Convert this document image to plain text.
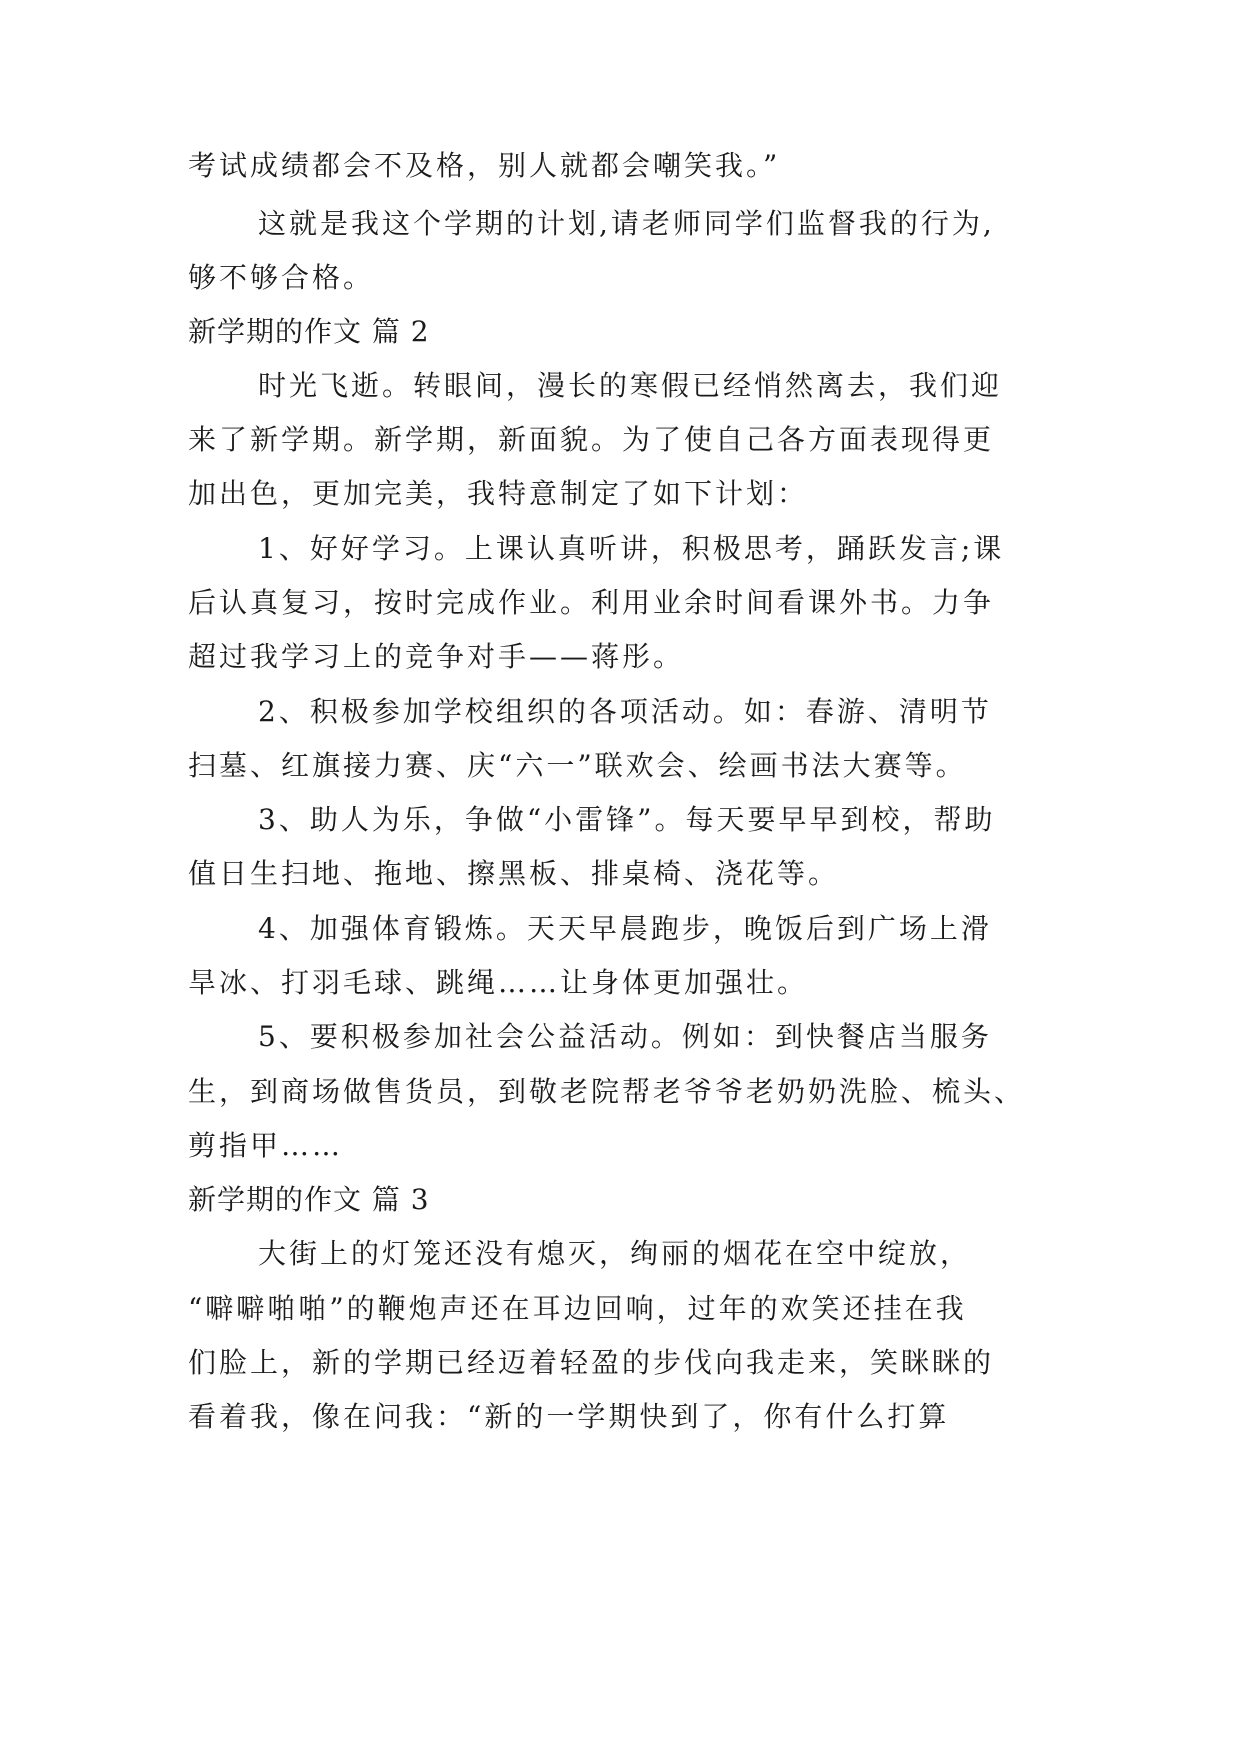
考试成绩都会不及格，别人就都会嘲笑我。”
这就是我这个学期的计划,请老师同学们监督我的行为,
够不够合格。
新学期的作文 篇 2
时光飞逝。转眼间，漫长的寒假已经悄然离去，我们迎
来了新学期。新学期，新面貌。为了使自己各方面表现得更
加出色，更加完美，我特意制定了如下计划：
1、好好学习。上课认真听讲，积极思考，踊跃发言;课
后认真复习，按时完成作业。利用业余时间看课外书。力争
超过我学习上的竞争对手——蒋彤。
2、积极参加学校组织的各项活动。如：春游、清明节
扫墓、红旗接力赛、庆“六一”联欢会、绘画书法大赛等。
3、助人为乐，争做“小雷锋”。每天要早早到校，帮助
值日生扫地、拖地、擦黑板、排桌椅、浇花等。
4、加强体育锻炼。天天早晨跑步，晚饭后到广场上滑
旱冰、打羽毛球、跳绳……让身体更加强壮。
5、要积极参加社会公益活动。例如：到快餐店当服务
生，到商场做售货员，到敬老院帮老爷爷老奶奶洗脸、梳头、
剪指甲……
新学期的作文 篇 3
大街上的灯笼还没有熄灭，绚丽的烟花在空中绽放，
“噼噼啪啪”的鞭炮声还在耳边回响，过年的欢笑还挂在我
们脸上，新的学期已经迈着轻盈的步伐向我走来，笑眯眯的
看着我，像在问我：“新的一学期快到了，你有什么打算
